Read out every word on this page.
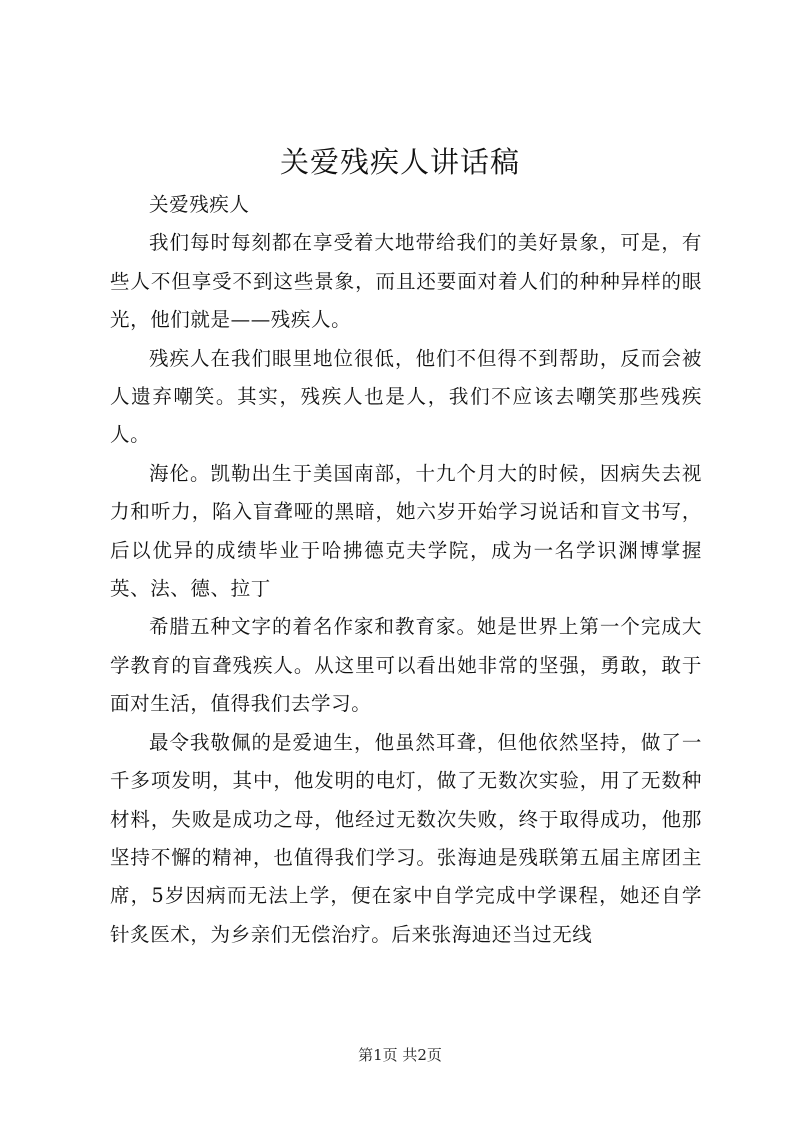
关爱残疾人讲话稿

关爱残疾人

我们每时每刻都在享受着大地带给我们的美好景象，可是，有些人不但享受不到这些景象，而且还要面对着人们的种种异样的眼光，他们就是——残疾人。

残疾人在我们眼里地位很低，他们不但得不到帮助，反而会被人遗弃嘲笑。其实，残疾人也是人，我们不应该去嘲笑那些残疾人。

海伦。凯勒出生于美国南部，十九个月大的时候，因病失去视力和听力，陷入盲聋哑的黑暗，她六岁开始学习说话和盲文书写，后以优异的成绩毕业于哈拂德克夫学院，成为一名学识渊博掌握英、法、德、拉丁

希腊五种文字的着名作家和教育家。她是世界上第一个完成大学教育的盲聋残疾人。从这里可以看出她非常的坚强，勇敢，敢于面对生活，值得我们去学习。

最令我敬佩的是爱迪生，他虽然耳聋，但他依然坚持，做了一千多项发明，其中，他发明的电灯，做了无数次实验，用了无数种材料，失败是成功之母，他经过无数次失败，终于取得成功，他那坚持不懈的精神，也值得我们学习。张海迪是残联第五届主席团主席，5岁因病而无法上学，便在家中自学完成中学课程，她还自学针炙医术，为乡亲们无偿治疗。后来张海迪还当过无线

第1页 共2页
